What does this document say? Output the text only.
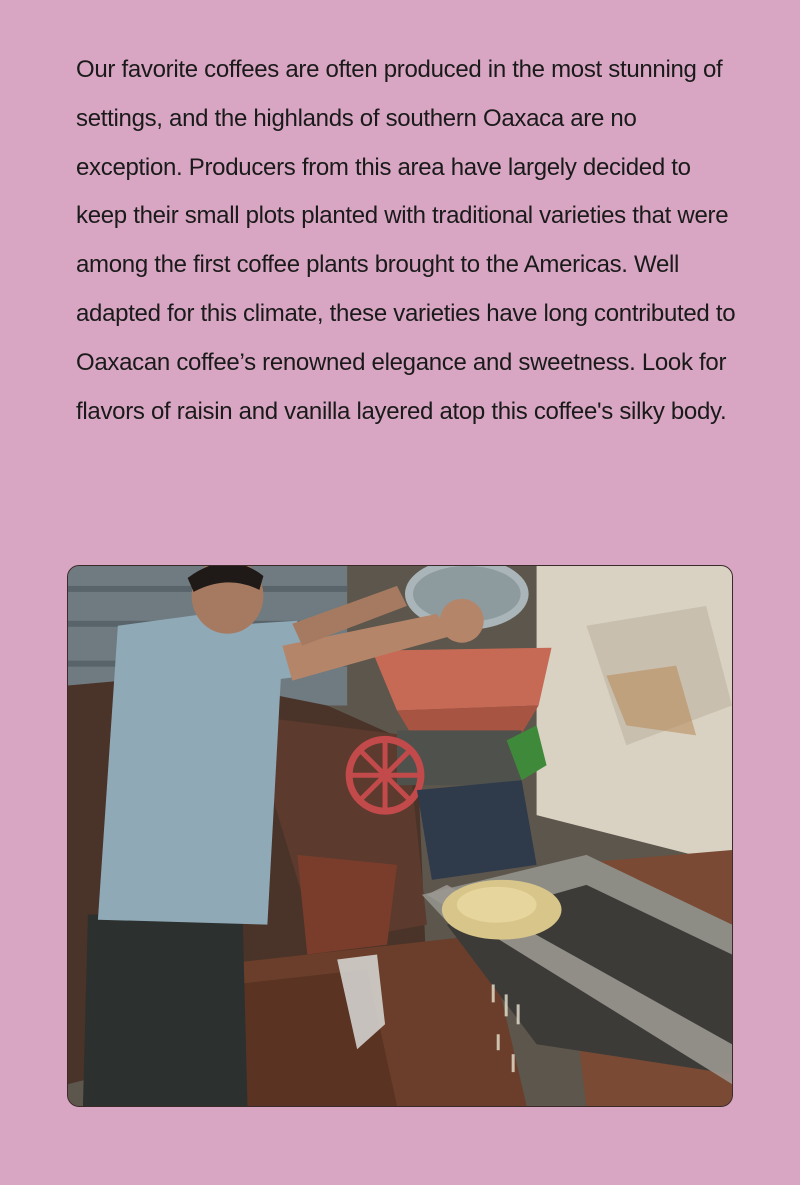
Our favorite coffees are often produced in the most stunning of settings, and the highlands of southern Oaxaca are no exception. Producers from this area have largely decided to keep their small plots planted with traditional varieties that were among the first coffee plants brought to the Americas. Well adapted for this climate, these varieties have long contributed to Oaxacan coffee’s renowned elegance and sweetness. Look for flavors of raisin and vanilla layered atop this coffee's silky body.
